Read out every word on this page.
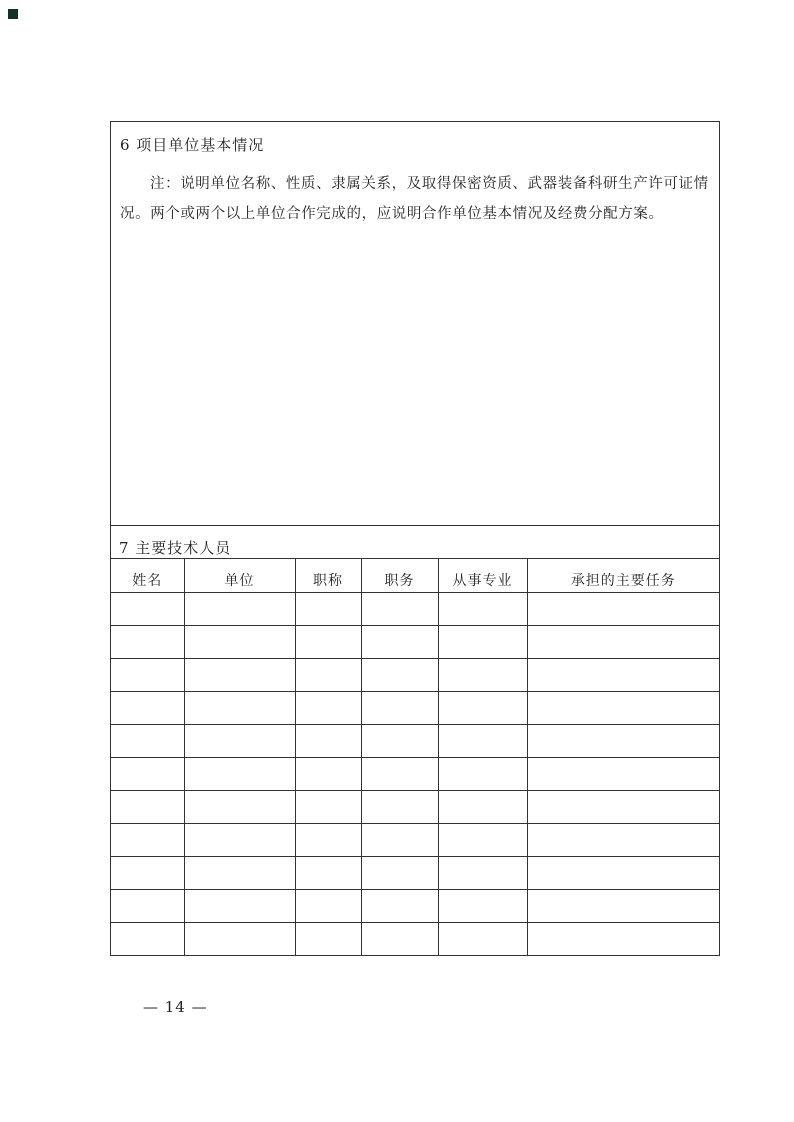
6 项目单位基本情况

注：说明单位名称、性质、隶属关系，及取得保密资质、武器装备科研生产许可证情况。两个或两个以上单位合作完成的，应说明合作单位基本情况及经费分配方案。

7 主要技术人员
姓名	单位	职称	职务	从事专业	承担的主要任务

— 14 —
